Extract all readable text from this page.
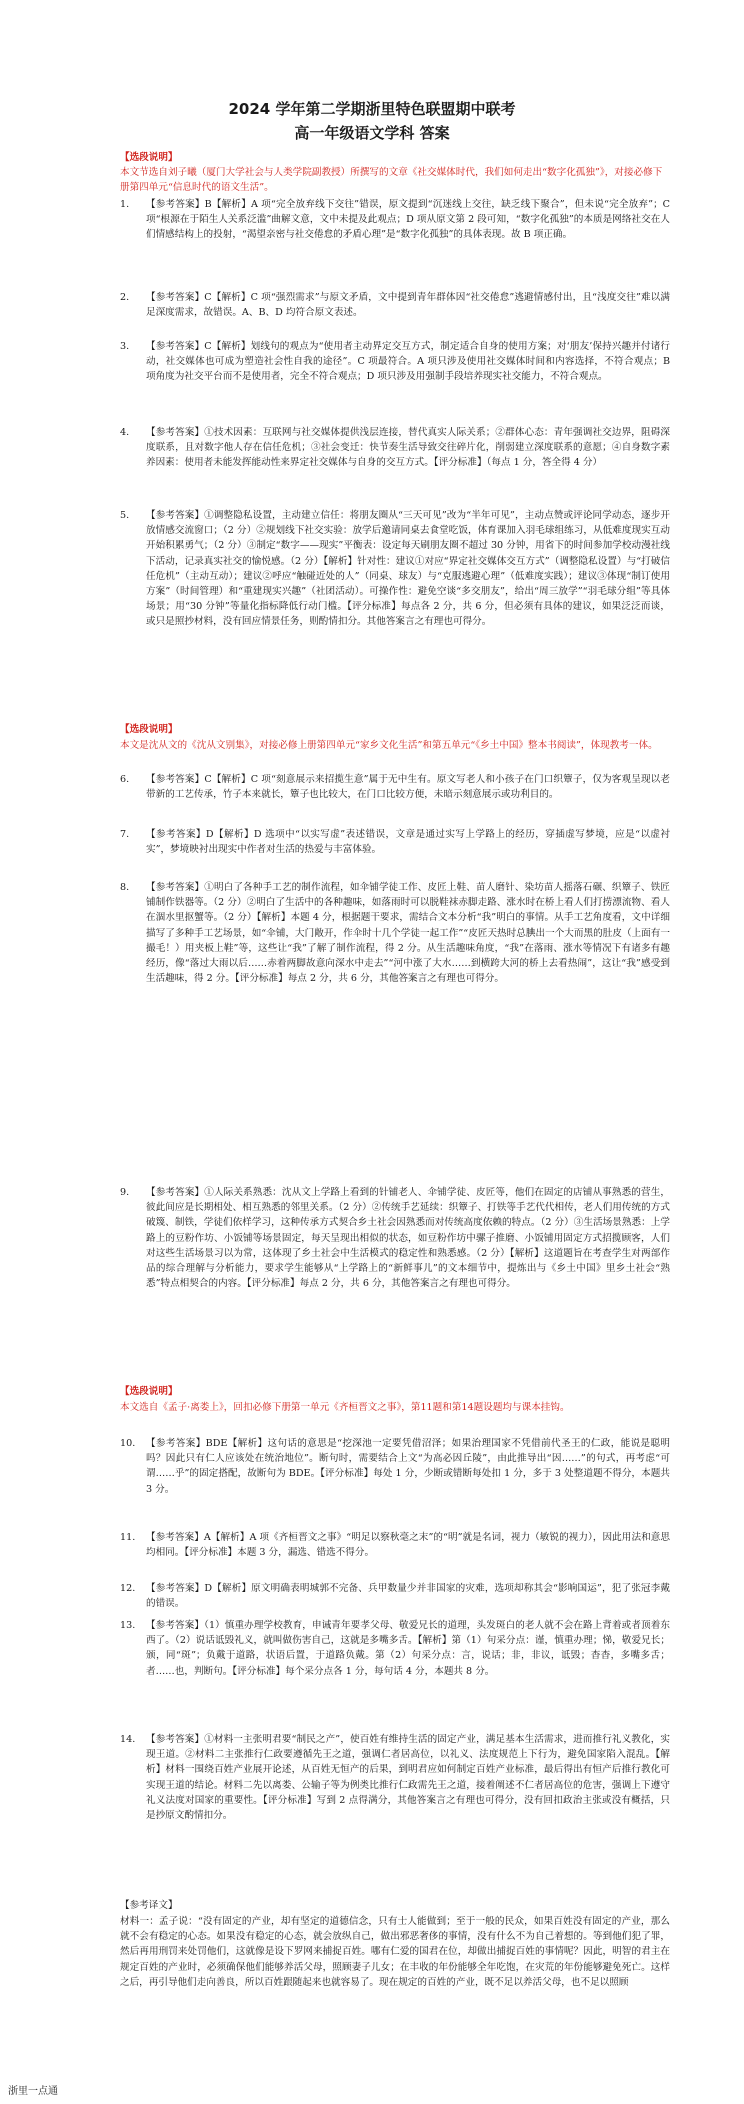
2024 学年第二学期浙里特色联盟期中联考
高一年级语文学科 答案
【选段说明】
本文节选自刘子曦（厦门大学社会与人类学院副教授）所撰写的文章《社交媒体时代，我们如何走出“数字化孤独”》，对接必修下册第四单元“信息时代的语文生活”。
1.	【参考答案】B【解析】A 项“完全放弃线下交往”错误，原文提到“沉迷线上交往，缺乏线下聚合”，但未说“完全放弃”；C 项“根源在于陌生人关系泛滥”曲解文意，文中未提及此观点；D 项从原文第 2 段可知，“数字化孤独”的本质是网络社交在人们情感结构上的投射，“渴望亲密与社交倦怠的矛盾心理”是“数字化孤独”的具体表现。故 B 项正确。
2.	【参考答案】C【解析】C 项“强烈需求”与原文矛盾，文中提到青年群体因“社交倦怠”逃避情感付出，且“浅度交往”难以满足深度需求，故错误。A、B、D 均符合原文表述。
3.	【参考答案】C【解析】划线句的观点为“使用者主动界定交互方式，制定适合自身的使用方案；对‘朋友’保持兴趣并付诸行动，社交媒体也可成为塑造社会性自我的途径”。C 项最符合。A 项只涉及使用社交媒体时间和内容选择，不符合观点；B 项角度为社交平台而不是使用者，完全不符合观点；D 项只涉及用强制手段培养现实社交能力，不符合观点。
4.	【参考答案】①技术因素：互联网与社交媒体提供浅层连接，替代真实人际关系；②群体心态：青年强调社交边界，阻碍深度联系，且对数字他人存在信任危机；③社会变迁：快节奏生活导致交往碎片化，削弱建立深度联系的意愿；④自身数字素养因素：使用者未能发挥能动性来界定社交媒体与自身的交互方式。【评分标准】（每点 1 分，答全得 4 分）
5.	【参考答案】①调整隐私设置，主动建立信任：将朋友圈从“三天可见”改为“半年可见”，主动点赞或评论同学动态，逐步开放情感交流窗口；（2 分）②规划线下社交实验：放学后邀请同桌去食堂吃饭，体育课加入羽毛球组练习，从低难度现实互动开始积累勇气；（2 分）③制定“数字——现实”平衡表：设定每天刷朋友圈不超过 30 分钟，用省下的时间参加学校动漫社线下活动，记录真实社交的愉悦感。（2 分）【解析】针对性：建议①对应“界定社交媒体交互方式”（调整隐私设置）与“打破信任危机”（主动互动）；建议②呼应“触碰近处的人”（同桌、球友）与“克服逃避心理”（低难度实践）；建议③体现“制订使用方案”（时间管理）和“重建现实兴趣”（社团活动）。可操作性：避免空谈“多交朋友”，给出“周三放学”“羽毛球分组”等具体场景；用“30 分钟”等量化指标降低行动门槛。【评分标准】每点各 2 分，共 6 分，但必须有具体的建议，如果泛泛而谈，或只是照抄材料，没有回应情景任务，则酌情扣分。其他答案言之有理也可得分。
【选段说明】
本文是沈从文的《沈从文别集》，对接必修上册第四单元“家乡文化生活”和第五单元“《乡土中国》整本书阅读”，体现教考一体。
6.	【参考答案】C【解析】C 项“刻意展示来招揽生意”属于无中生有。原文写老人和小孩子在门口织簟子，仅为客观呈现以老带新的工艺传承，竹子本来就长，簟子也比较大，在门口比较方便，未暗示刻意展示或功利目的。
7.	【参考答案】D【解析】D 选项中“以实写虚”表述错误，文章是通过实写上学路上的经历，穿插虚写梦境，应是“以虚衬实”，梦境映衬出现实中作者对生活的热爱与丰富体验。
8.	【参考答案】①明白了各种手工艺的制作流程，如伞铺学徒工作、皮匠上鞋、苗人磨针、染坊苗人摇落石碾、织簟子、铁匠铺制作铁器等。（2 分）②明白了生活中的各种趣味，如落雨时可以脱鞋袜赤脚走路、涨水时在桥上看人们打捞漂流物、看人在涸水里抠蟹等。（2 分）【解析】本题 4 分，根据题干要求，需结合文本分析“我”明白的事情。从手工艺角度看，文中详细描写了多种手工艺场景，如“伞铺，大门敞开，作伞时十几个学徒一起工作”“皮匠天热时总腆出一个大而黑的肚皮（上面有一撮毛！）用夹板上鞋”等，这些让“我”了解了制作流程，得 2 分。从生活趣味角度，“我”在落雨、涨水等情况下有诸多有趣经历，像“落过大雨以后……赤着两脚故意向深水中走去”“河中涨了大水……到横跨大河的桥上去看热闹”，这让“我”感受到生活趣味，得 2 分。【评分标准】每点 2 分，共 6 分，其他答案言之有理也可得分。
9.	【参考答案】①人际关系熟悉：沈从文上学路上看到的针铺老人、伞铺学徒、皮匠等，他们在固定的店铺从事熟悉的营生，彼此间应是长期相处、相互熟悉的邻里关系。（2 分）②传统手艺延续：织簟子、打铁等手艺代代相传，老人们用传统的方式破篾、制铁，学徒们依样学习，这种传承方式契合乡土社会因熟悉而对传统高度依赖的特点。（2 分）③生活场景熟悉：上学路上的豆粉作坊、小饭铺等场景固定，每天呈现出相似的状态，如豆粉作坊中骡子推磨、小饭铺用固定方式招揽顾客，人们对这些生活场景习以为常，这体现了乡土社会中生活模式的稳定性和熟悉感。（2 分）【解析】这道题旨在考查学生对两部作品的综合理解与分析能力，要求学生能够从“上学路上的“新鲜事儿”的文本细节中，提炼出与《乡土中国》里乡土社会“熟悉”特点相契合的内容。【评分标准】每点 2 分，共 6 分，其他答案言之有理也可得分。
【选段说明】
本文选自《孟子·离娄上》，回扣必修下册第一单元《齐桓晋文之事》，第11题和第14题设题均与课本挂钩。
10.	【参考答案】BDE【解析】这句话的意思是“挖深池一定要凭借沼泽；如果治理国家不凭借前代圣王的仁政，能说是聪明吗？因此只有仁人应该处在统治地位”。断句时，需要结合上文“为高必因丘陵”，由此推导出“因……”的句式，再考虑“可谓……乎”的固定搭配，故断句为 BDE。【评分标准】每处 1 分，少断或错断每处扣 1 分，多于 3 处整道题不得分，本题共 3 分。
11.	【参考答案】A【解析】A 项《齐桓晋文之事》“明足以察秋毫之末”的“明”就是名词，视力（敏锐的视力），因此用法和意思均相同。【评分标准】本题 3 分，漏选、错选不得分。
12.	【参考答案】D【解析】原文明确表明城郭不完备、兵甲数量少并非国家的灾难，选项却称其会“影响国运”，犯了张冠李戴的错误。
13.	【参考答案】（1）慎重办理学校教育，申诫青年要孝父母、敬爱兄长的道理，头发斑白的老人就不会在路上背着或者顶着东西了。（2）说话诋毁礼义，就叫做伤害自己，这就是多嘴多舌。【解析】第（1）句采分点：谨，慎重办理；悌，敬爱兄长；颁，同“斑”；负戴于道路，状语后置，于道路负戴。第（2）句采分点：言，说话；非，非议，诋毁；杳杳，多嘴多舌；者……也，判断句。【评分标准】每个采分点各 1 分，每句话 4 分，本题共 8 分。
14.	【参考答案】①材料一主张明君要“制民之产”，使百姓有维持生活的固定产业，满足基本生活需求，进而推行礼义教化，实现王道。②材料二主张推行仁政要遵循先王之道，强调仁者居高位，以礼义、法度规范上下行为，避免国家陷入混乱。【解析】材料一围绕百姓产业展开论述，从百姓无恒产的后果，到明君应如何制定百姓产业标准，最后得出有恒产后推行教化可实现王道的结论。材料二先以离娄、公输子等为例类比推行仁政需先王之道，接着阐述不仁者居高位的危害，强调上下遵守礼义法度对国家的重要性。【评分标准】写到 2 点得满分，其他答案言之有理也可得分，没有回扣政治主张或没有概括，只是抄原文酌情扣分。
【参考译文】
材料一：孟子说：“没有固定的产业，却有坚定的道德信念，只有士人能做到；至于一般的民众，如果百姓没有固定的产业，那么就不会有稳定的心态。如果没有稳定的心态，就会放纵自己，做出邪恶奢侈的事情，没有什么不为自己着想的。等到他们犯了罪，然后再用刑罚来处罚他们，这就像是设下罗网来捕捉百姓。哪有仁爱的国君在位，却做出捕捉百姓的事情呢？因此，明智的君主在规定百姓的产业时，必须确保他们能够养活父母，照顾妻子儿女；在丰收的年份能够全年吃饱，在灾荒的年份能够避免死亡。这样之后，再引导他们走向善良，所以百姓跟随起来也就容易了。现在规定的百姓的产业，既不足以养活父母，也不足以照顾
浙里一点通
